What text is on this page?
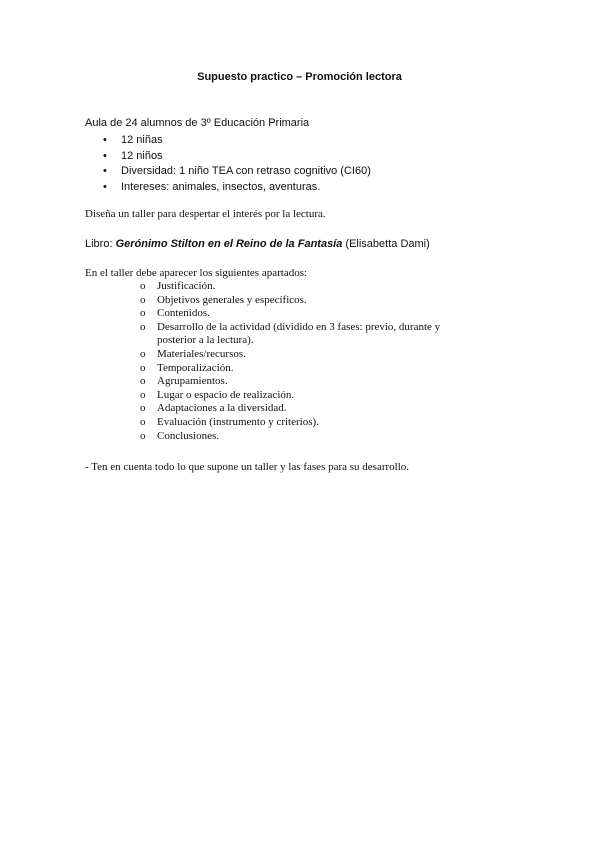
Supuesto practico – Promoción lectora
Aula de 24 alumnos de 3º Educación Primaria
• 12 niñas
• 12 niños
• Diversidad: 1 niño TEA con retraso cognitivo (CI60)
• Intereses: animales, insectos, aventuras.
Diseña un taller para despertar el interés por la lectura.
Libro: Gerónimo Stilton en el Reino de la Fantasía (Elisabetta Dami)
En el taller debe aparecer los siguientes apartados:
o Justificación.
o Objetivos generales y específicos.
o Contenidos.
o Desarrollo de la actividad (dividido en 3 fases: previo, durante y posterior a la lectura).
o Materiales/recursos.
o Temporalización.
o Agrupamientos.
o Lugar o espacio de realización.
o Adaptaciones a la diversidad.
o Evaluación (instrumento y criterios).
o Conclusiones.
- Ten en cuenta todo lo que supone un taller y las fases para su desarrollo.
